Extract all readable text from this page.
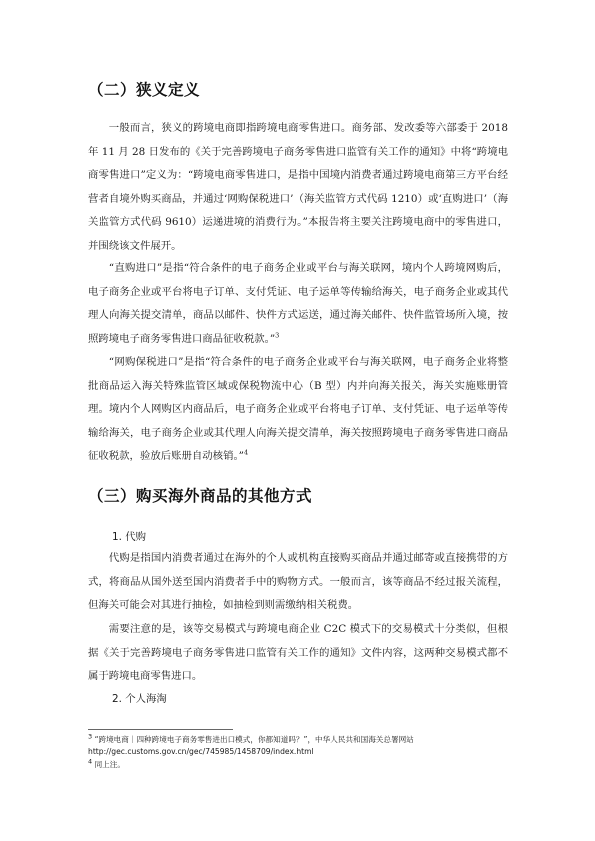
（二）狭义定义

一般而言，狭义的跨境电商即指跨境电商零售进口。商务部、发改委等六部委于 2018 年 11 月 28 日发布的《关于完善跨境电子商务零售进口监管有关工作的通知》中将“跨境电商零售进口”定义为：“跨境电商零售进口，是指中国境内消费者通过跨境电商第三方平台经营者自境外购买商品，并通过‘网购保税进口’（海关监管方式代码 1210）或‘直购进口’（海关监管方式代码 9610）运递进境的消费行为。”本报告将主要关注跨境电商中的零售进口，并围绕该文件展开。

“直购进口”是指“符合条件的电子商务企业或平台与海关联网，境内个人跨境网购后，电子商务企业或平台将电子订单、支付凭证、电子运单等传输给海关，电子商务企业或其代理人向海关提交清单，商品以邮件、快件方式运送，通过海关邮件、快件监管场所入境，按照跨境电子商务零售进口商品征收税款。”$^3$

“网购保税进口”是指“符合条件的电子商务企业或平台与海关联网，电子商务企业将整批商品运入海关特殊监管区域或保税物流中心（B 型）内并向海关报关，海关实施账册管理。境内个人网购区内商品后，电子商务企业或平台将电子订单、支付凭证、电子运单等传输给海关，电子商务企业或其代理人向海关提交清单，海关按照跨境电子商务零售进口商品征收税款，验放后账册自动核销。”$^4$

（三）购买海外商品的其他方式

1. 代购

代购是指国内消费者通过在海外的个人或机构直接购买商品并通过邮寄或直接携带的方式，将商品从国外送至国内消费者手中的购物方式。一般而言，该等商品不经过报关流程，但海关可能会对其进行抽检，如抽检到则需缴纳相关税费。

需要注意的是，该等交易模式与跨境电商企业 C2C 模式下的交易模式十分类似，但根据《关于完善跨境电子商务零售进口监管有关工作的通知》文件内容，这两种交易模式都不属于跨境电商零售进口。

2. 个人海淘

$^3$ “跨境电商｜四种跨境电子商务零售进出口模式，你都知道吗？”，中华人民共和国海关总署网站 http://gec.customs.gov.cn/gec/745985/1458709/index.html

$^4$ 同上注。
